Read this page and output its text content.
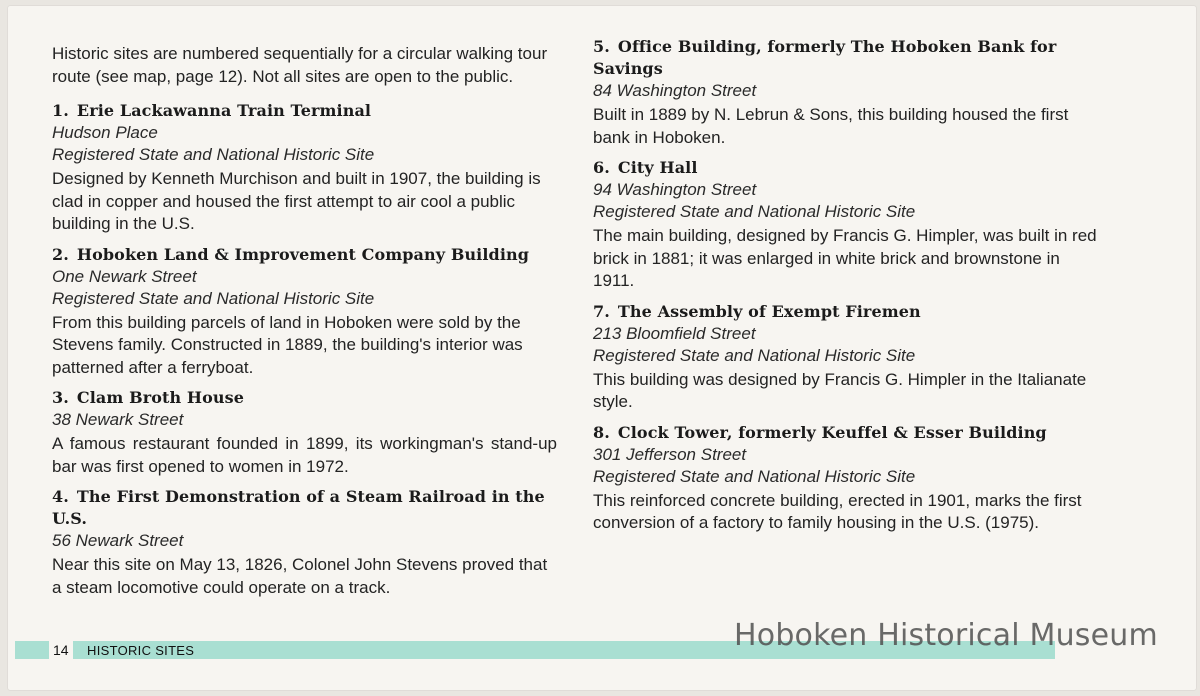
Historic sites are numbered sequentially for a circular walking tour route (see map, page 12). Not all sites are open to the public.

1. Erie Lackawanna Train Terminal
Hudson Place
Registered State and National Historic Site
Designed by Kenneth Murchison and built in 1907, the building is clad in copper and housed the first attempt to air cool a public building in the U.S.
2. Hoboken Land & Improvement Company Building
One Newark Street
Registered State and National Historic Site
From this building parcels of land in Hoboken were sold by the Stevens family. Constructed in 1889, the building's interior was patterned after a ferryboat.
3. Clam Broth House
38 Newark Street
A famous restaurant founded in 1899, its workingman's stand-up bar was first opened to women in 1972.
4. The First Demonstration of a Steam Railroad in the U.S.
56 Newark Street
Near this site on May 13, 1826, Colonel John Stevens proved that a steam locomotive could operate on a track.
5. Office Building, formerly The Hoboken Bank for Savings
84 Washington Street
Built in 1889 by N. Lebrun & Sons, this building housed the first bank in Hoboken.
6. City Hall
94 Washington Street
Registered State and National Historic Site
The main building, designed by Francis G. Himpler, was built in red brick in 1881; it was enlarged in white brick and brownstone in 1911.
7. The Assembly of Exempt Firemen
213 Bloomfield Street
Registered State and National Historic Site
This building was designed by Francis G. Himpler in the Italianate style.
8. Clock Tower, formerly Keuffel & Esser Building
301 Jefferson Street
Registered State and National Historic Site
This reinforced concrete building, erected in 1901, marks the first conversion of a factory to family housing in the U.S. (1975).
14	HISTORIC SITES	Hoboken Historical Museum
